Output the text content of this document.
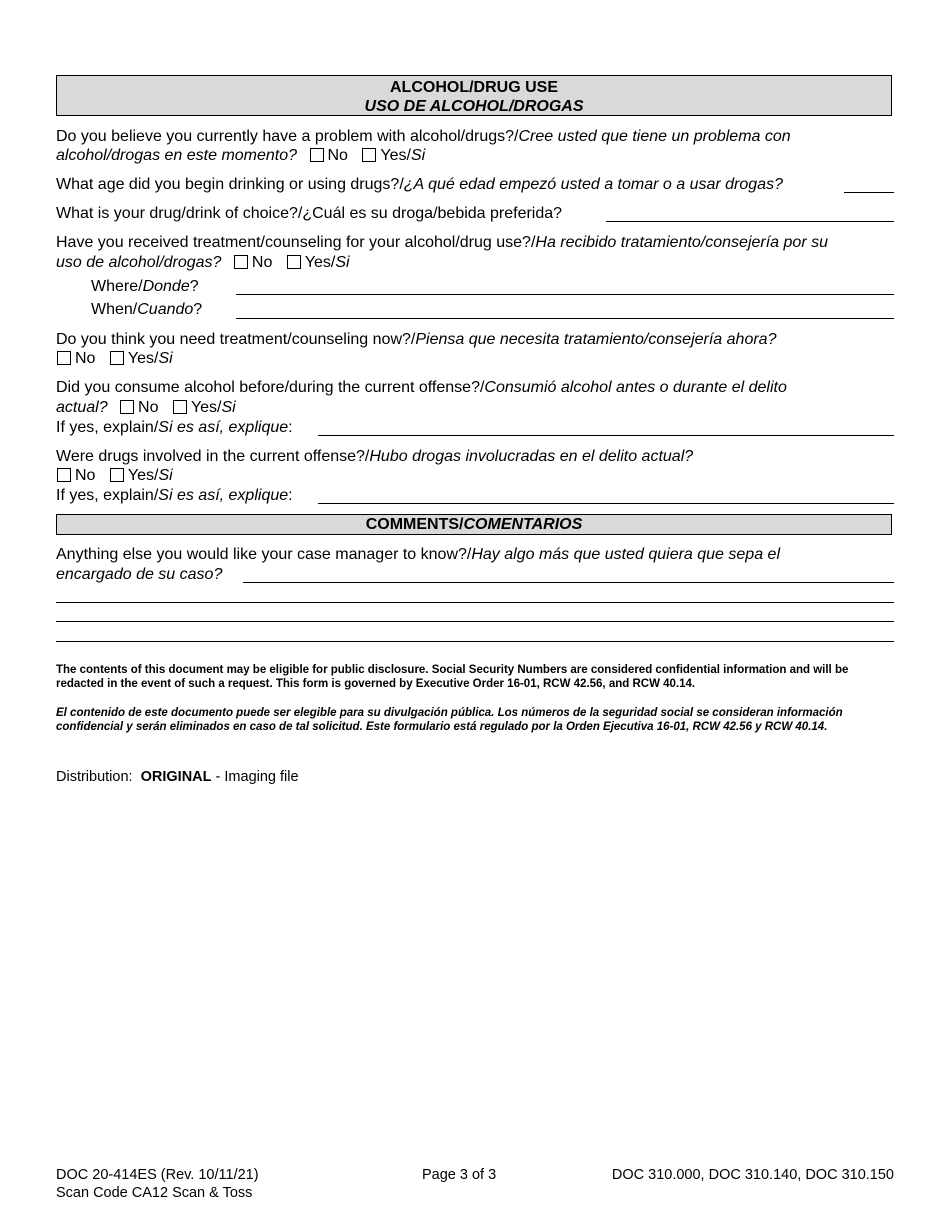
ALCOHOL/DRUG USE
USO DE ALCOHOL/DROGAS
Do you believe you currently have a problem with alcohol/drugs?/Cree usted que tiene un problema con
alcohol/drogas en este momento? No Yes/Si
What age did you begin drinking or using drugs?/¿A qué edad empezó usted a tomar o a usar drogas?
What is your drug/drink of choice?/¿Cuál es su droga/bebida preferida?
Have you received treatment/counseling for your alcohol/drug use?/Ha recibido tratamiento/consejería por su
uso de alcohol/drogas? No Yes/Si
Where/Donde?
When/Cuando?
Do you think you need treatment/counseling now?/Piensa que necesita tratamiento/consejería ahora?
No Yes/Si
Did you consume alcohol before/during the current offense?/Consumió alcohol antes o durante el delito
actual? No Yes/Si
If yes, explain/Si es así, explique:
Were drugs involved in the current offense?/Hubo drogas involucradas en el delito actual?
No Yes/Si
If yes, explain/Si es así, explique:
COMMENTS/COMENTARIOS
Anything else you would like your case manager to know?/Hay algo más que usted quiera que sepa el
encargado de su caso?
The contents of this document may be eligible for public disclosure. Social Security Numbers are considered confidential information and will be redacted in the event of such a request. This form is governed by Executive Order 16-01, RCW 42.56, and RCW 40.14.
El contenido de este documento puede ser elegible para su divulgación pública. Los números de la seguridad social se consideran información confidencial y serán eliminados en caso de tal solicitud. Este formulario está regulado por la Orden Ejecutiva 16-01, RCW 42.56 y RCW 40.14.
Distribution: ORIGINAL - Imaging file
DOC 20-414ES (Rev. 10/11/21)
Scan Code CA12 Scan & Toss
Page 3 of 3	DOC 310.000, DOC 310.140, DOC 310.150
